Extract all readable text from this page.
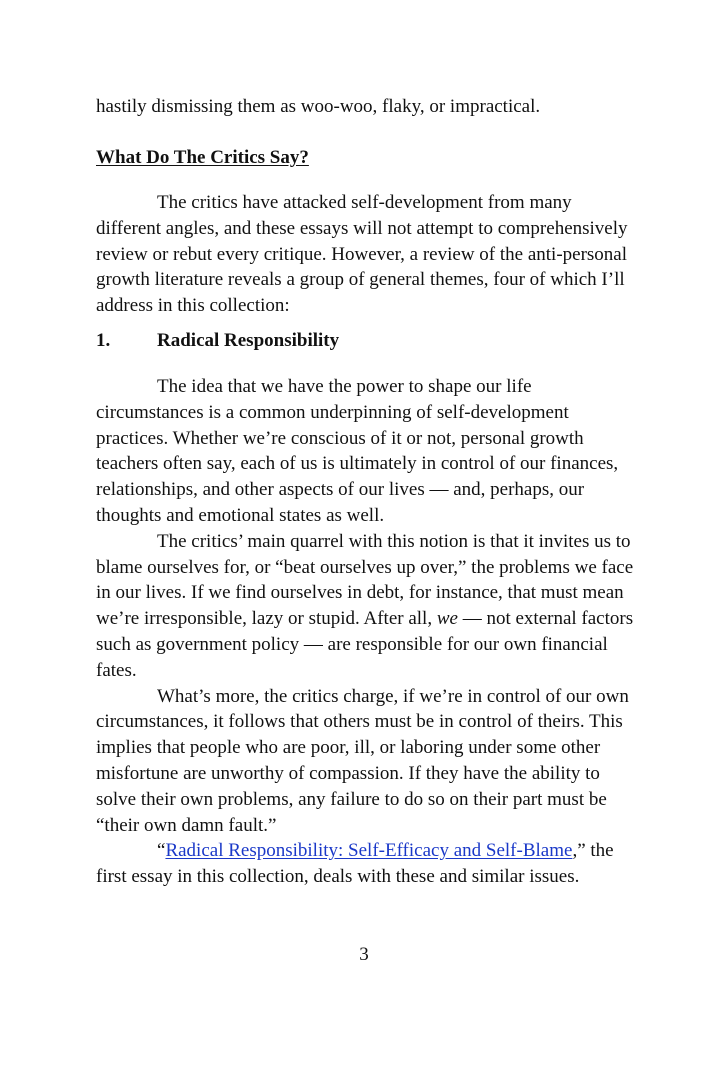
hastily dismissing them as woo-woo, flaky, or impractical.

What Do The Critics Say?

The critics have attacked self-development from many different angles, and these essays will not attempt to comprehensively review or rebut every critique. However, a review of the anti-personal growth literature reveals a group of general themes, four of which I’ll address in this collection:

1. Radical Responsibility

The idea that we have the power to shape our life circumstances is a common underpinning of self-development practices. Whether we’re conscious of it or not, personal growth teachers often say, each of us is ultimately in control of our finances, relationships, and other aspects of our lives — and, perhaps, our thoughts and emotional states as well.

The critics’ main quarrel with this notion is that it invites us to blame ourselves for, or “beat ourselves up over,” the problems we face in our lives. If we find ourselves in debt, for instance, that must mean we’re irresponsible, lazy or stupid. After all, we — not external factors such as government policy — are responsible for our own financial fates.

What’s more, the critics charge, if we’re in control of our own circumstances, it follows that others must be in control of theirs. This implies that people who are poor, ill, or laboring under some other misfortune are unworthy of compassion. If they have the ability to solve their own problems, any failure to do so on their part must be “their own damn fault.”

“Radical Responsibility: Self-Efficacy and Self-Blame,” the first essay in this collection, deals with these and similar issues.

3
